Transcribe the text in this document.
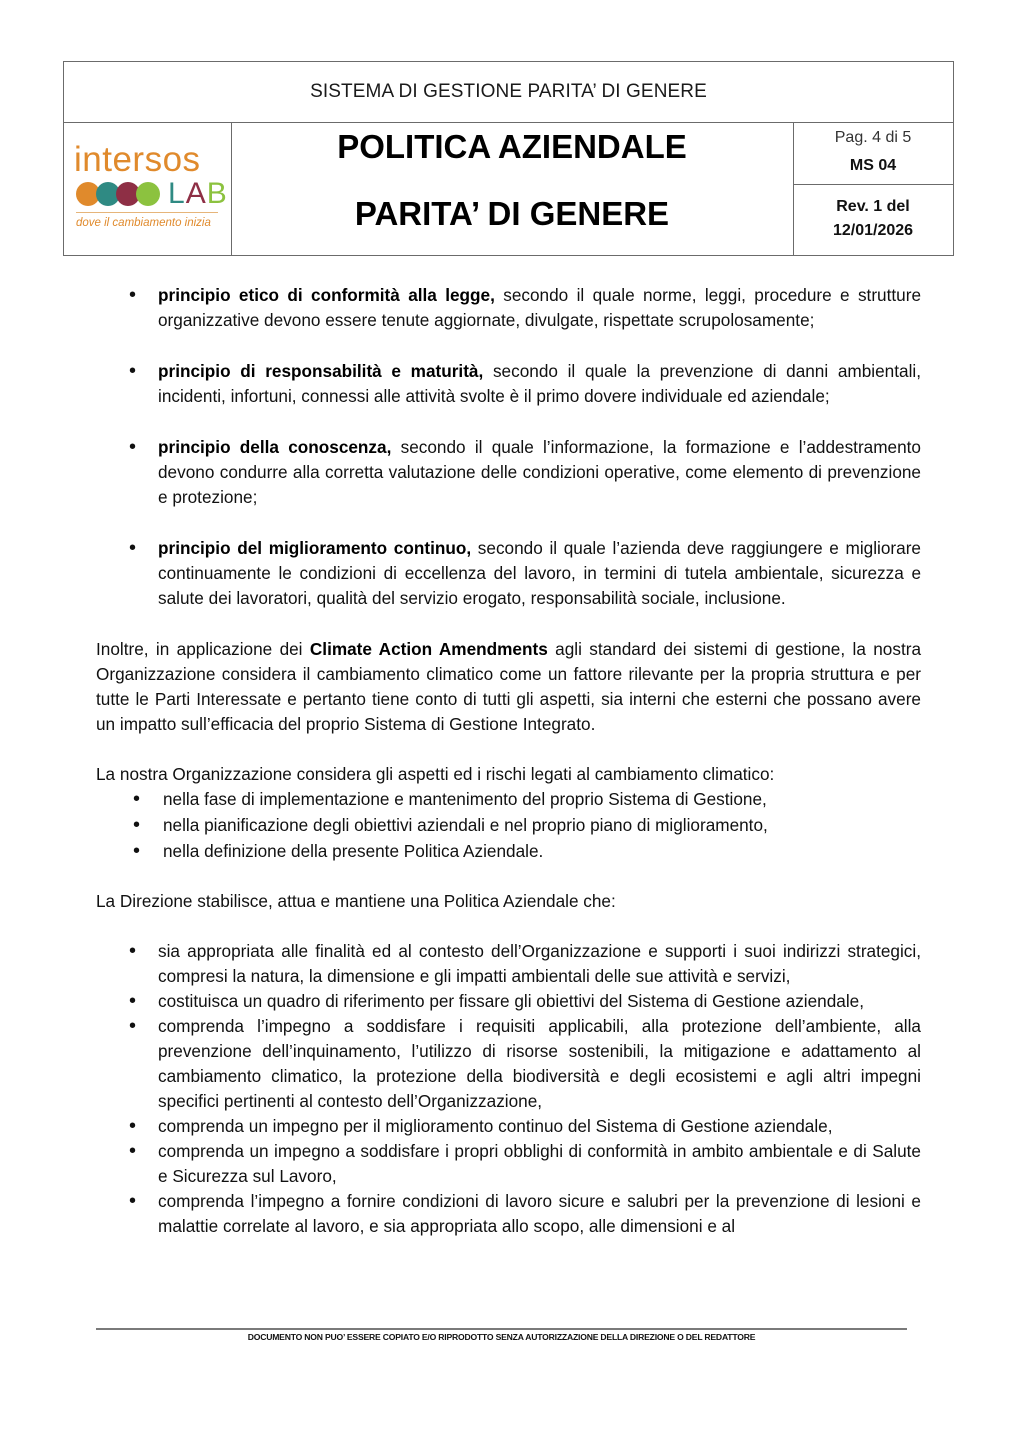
SISTEMA DI GESTIONE PARITA’ DI GENERE
intersos
LAB
dove il cambiamento inizia
POLITICA AZIENDALE
PARITA’ DI GENERE
Pag. 4 di 5
MS 04
Rev. 1 del
12/01/2026
• principio etico di conformità alla legge, secondo il quale norme, leggi, procedure e strutture organizzative devono essere tenute aggiornate, divulgate, rispettate scrupolosamente;
• principio di responsabilità e maturità, secondo il quale la prevenzione di danni ambientali, incidenti, infortuni, connessi alle attività svolte è il primo dovere individuale ed aziendale;
• principio della conoscenza, secondo il quale l’informazione, la formazione e l’addestramento devono condurre alla corretta valutazione delle condizioni operative, come elemento di prevenzione e protezione;
• principio del miglioramento continuo, secondo il quale l’azienda deve raggiungere e migliorare continuamente le condizioni di eccellenza del lavoro, in termini di tutela ambientale, sicurezza e salute dei lavoratori, qualità del servizio erogato, responsabilità sociale, inclusione.

Inoltre, in applicazione dei Climate Action Amendments agli standard dei sistemi di gestione, la nostra Organizzazione considera il cambiamento climatico come un fattore rilevante per la propria struttura e per tutte le Parti Interessate e pertanto tiene conto di tutti gli aspetti, sia interni che esterni che possano avere un impatto sull’efficacia del proprio Sistema di Gestione Integrato.

La nostra Organizzazione considera gli aspetti ed i rischi legati al cambiamento climatico:

• nella fase di implementazione e mantenimento del proprio Sistema di Gestione,
• nella pianificazione degli obiettivi aziendali e nel proprio piano di miglioramento,
• nella definizione della presente Politica Aziendale.

La Direzione stabilisce, attua e mantiene una Politica Aziendale che:

• sia appropriata alle finalità ed al contesto dell’Organizzazione e supporti i suoi indirizzi strategici, compresi la natura, la dimensione e gli impatti ambientali delle sue attività e servizi,
• costituisca un quadro di riferimento per fissare gli obiettivi del Sistema di Gestione aziendale,
• comprenda l’impegno a soddisfare i requisiti applicabili, alla protezione dell’ambiente, alla prevenzione dell’inquinamento, l’utilizzo di risorse sostenibili, la mitigazione e adattamento al cambiamento climatico, la protezione della biodiversità e degli ecosistemi e agli altri impegni specifici pertinenti al contesto dell’Organizzazione,
• comprenda un impegno per il miglioramento continuo del Sistema di Gestione aziendale,
• comprenda un impegno a soddisfare i propri obblighi di conformità in ambito ambientale e di Salute e Sicurezza sul Lavoro,
• comprenda l’impegno a fornire condizioni di lavoro sicure e salubri per la prevenzione di lesioni e malattie correlate al lavoro, e sia appropriata allo scopo, alle dimensioni e al
DOCUMENTO NON PUO’ ESSERE COPIATO E/O RIPRODOTTO SENZA AUTORIZZAZIONE DELLA DIREZIONE O DEL REDATTORE
